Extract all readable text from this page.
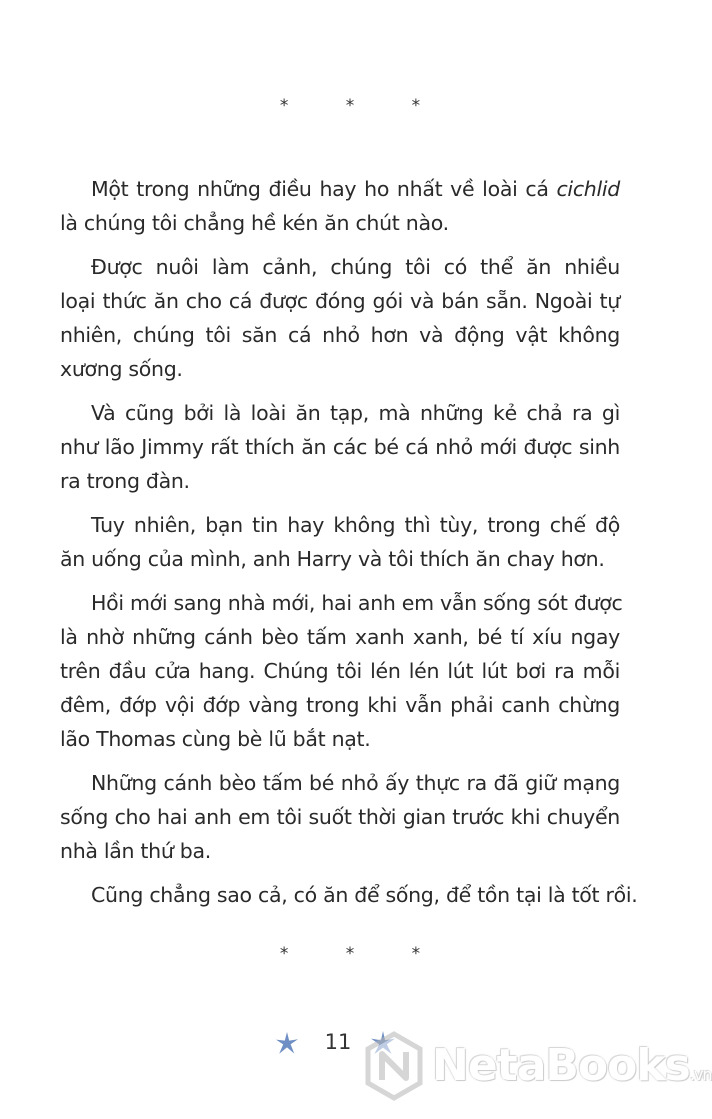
* * *

Một trong những điều hay ho nhất về loài cá cichlid
là chúng tôi chẳng hề kén ăn chút nào.

Được nuôi làm cảnh, chúng tôi có thể ăn nhiều
loại thức ăn cho cá được đóng gói và bán sẵn. Ngoài tự
nhiên, chúng tôi săn cá nhỏ hơn và động vật không
xương sống.

Và cũng bởi là loài ăn tạp, mà những kẻ chả ra gì
như lão Jimmy rất thích ăn các bé cá nhỏ mới được sinh
ra trong đàn.

Tuy nhiên, bạn tin hay không thì tùy, trong chế độ
ăn uống của mình, anh Harry và tôi thích ăn chay hơn.

Hồi mới sang nhà mới, hai anh em vẫn sống sót được
là nhờ những cánh bèo tấm xanh xanh, bé tí xíu ngay
trên đầu cửa hang. Chúng tôi lén lén lút lút bơi ra mỗi
đêm, đớp vội đớp vàng trong khi vẫn phải canh chừng
lão Thomas cùng bè lũ bắt nạt.

Những cánh bèo tấm bé nhỏ ấy thực ra đã giữ mạng
sống cho hai anh em tôi suốt thời gian trước khi chuyển
nhà lần thứ ba.

Cũng chẳng sao cả, có ăn để sống, để tồn tại là tốt rồi.

* * *
11 NetaBooks.vn
